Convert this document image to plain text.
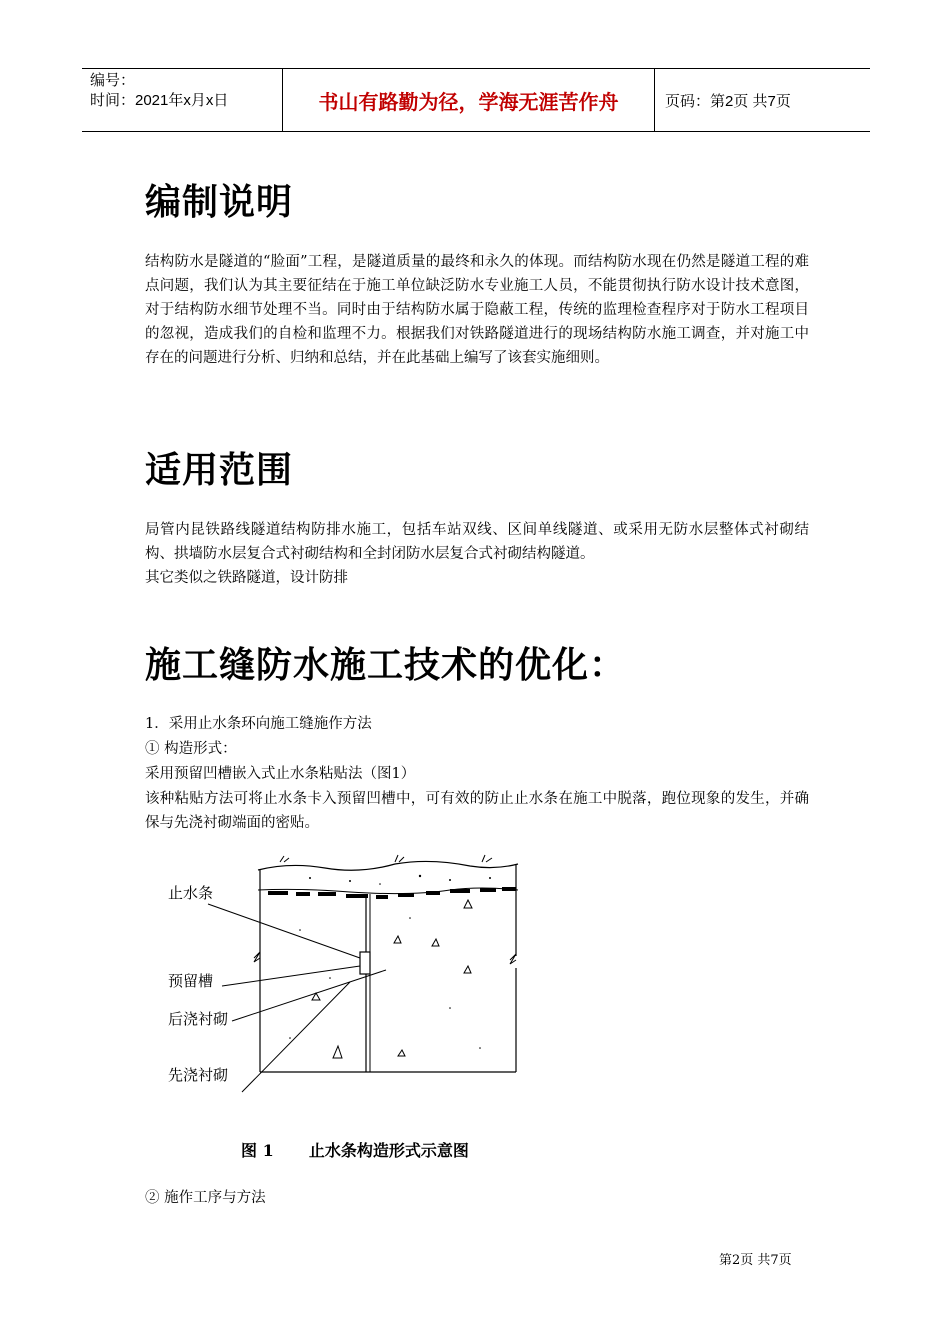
编号：
时间：2021年x月x日	书山有路勤为径，学海无涯苦作舟	页码：第2页 共7页
编制说明
结构防水是隧道的“脸面”工程，是隧道质量的最终和永久的体现。而结构防水现在仍然是隧道工程的难点问题，我们认为其主要征结在于施工单位缺泛防水专业施工人员，不能贯彻执行防水设计技术意图，对于结构防水细节处理不当。同时由于结构防水属于隐蔽工程，传统的监理检查程序对于防水工程项目的忽视，造成我们的自检和监理不力。根据我们对铁路隧道进行的现场结构防水施工调查，并对施工中存在的问题进行分析、归纳和总结，并在此基础上编写了该套实施细则。
适用范围
局管内昆铁路线隧道结构防排水施工，包括车站双线、区间单线隧道、或采用无防水层整体式衬砌结构、拱墙防水层复合式衬砌结构和全封闭防水层复合式衬砌结构隧道。
其它类似之铁路隧道，设计防排
施工缝防水施工技术的优化：
1．采用止水条环向施工缝施作方法
① 构造形式：
采用预留凹槽嵌入式止水条粘贴法（图1）
该种粘贴方法可将止水条卡入预留凹槽中，可有效的防止止水条在施工中脱落，跑位现象的发生，并确保与先浇衬砌端面的密贴。
止水条
预留槽
后浇衬砌
先浇衬砌
图 1 止水条构造形式示意图
② 施作工序与方法
第2页 共7页
